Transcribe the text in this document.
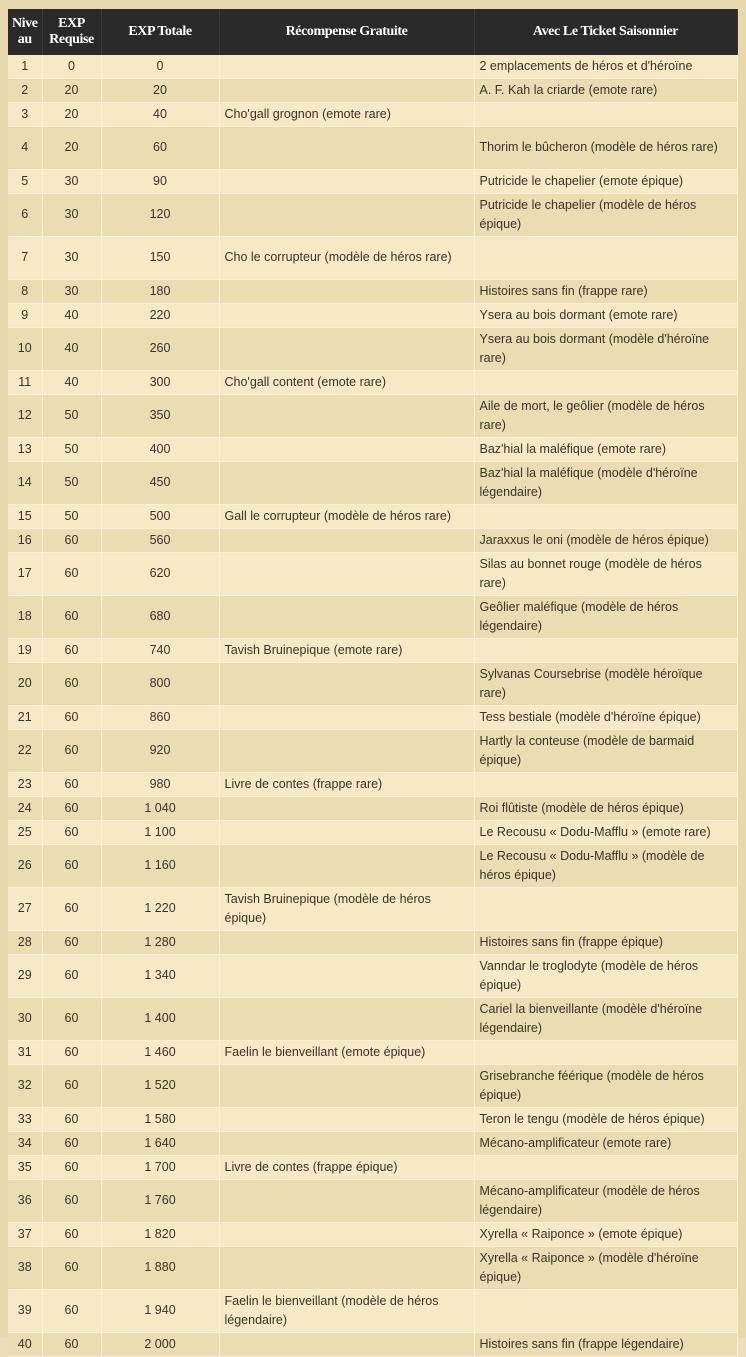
Nive au	EXP Requise	EXP Totale	Récompense Gratuite	Avec Le Ticket Saisonnier
1	0	0		2 emplacements de héros et d'héroïne
2	20	20		A. F. Kah la criarde (emote rare)
3	20	40	Cho'gall grognon (emote rare)	
4	20	60		Thorim le bûcheron (modèle de héros rare)
5	30	90		Putricide le chapelier (emote épique)
6	30	120		Putricide le chapelier (modèle de héros épique)
7	30	150	Cho le corrupteur (modèle de héros rare)	
8	30	180		Histoires sans fin (frappe rare)
9	40	220		Ysera au bois dormant (emote rare)
10	40	260		Ysera au bois dormant (modèle d'héroïne rare)
11	40	300	Cho'gall content (emote rare)	
12	50	350		Aile de mort, le geôlier (modèle de héros rare)
13	50	400		Baz'hial la maléfique (emote rare)
14	50	450		Baz'hial la maléfique (modèle d'héroïne légendaire)
15	50	500	Gall le corrupteur (modèle de héros rare)	
16	60	560		Jaraxxus le oni (modèle de héros épique)
17	60	620		Silas au bonnet rouge (modèle de héros rare)
18	60	680		Geôlier maléfique (modèle de héros légendaire)
19	60	740	Tavish Bruinepique (emote rare)	
20	60	800		Sylvanas Coursebrise (modèle héroïque rare)
21	60	860		Tess bestiale (modèle d'héroïne épique)
22	60	920		Hartly la conteuse (modèle de barmaid épique)
23	60	980	Livre de contes (frappe rare)	
24	60	1 040		Roi flûtiste (modèle de héros épique)
25	60	1 100		Le Recousu « Dodu-Mafflu » (emote rare)
26	60	1 160		Le Recousu « Dodu-Mafflu » (modèle de héros épique)
27	60	1 220	Tavish Bruinepique (modèle de héros épique)	
28	60	1 280		Histoires sans fin (frappe épique)
29	60	1 340		Vanndar le troglodyte (modèle de héros épique)
30	60	1 400		Cariel la bienveillante (modèle d'héroïne légendaire)
31	60	1 460	Faelin le bienveillant (emote épique)	
32	60	1 520		Grisebranche féérique (modèle de héros épique)
33	60	1 580		Teron le tengu (modèle de héros épique)
34	60	1 640		Mécano-amplificateur (emote rare)
35	60	1 700	Livre de contes (frappe épique)	
36	60	1 760		Mécano-amplificateur (modèle de héros légendaire)
37	60	1 820		Xyrella « Raiponce » (emote épique)
38	60	1 880		Xyrella « Raiponce » (modèle d'héroïne épique)
39	60	1 940	Faelin le bienveillant (modèle de héros légendaire)	
40	60	2 000		Histoires sans fin (frappe légendaire)
